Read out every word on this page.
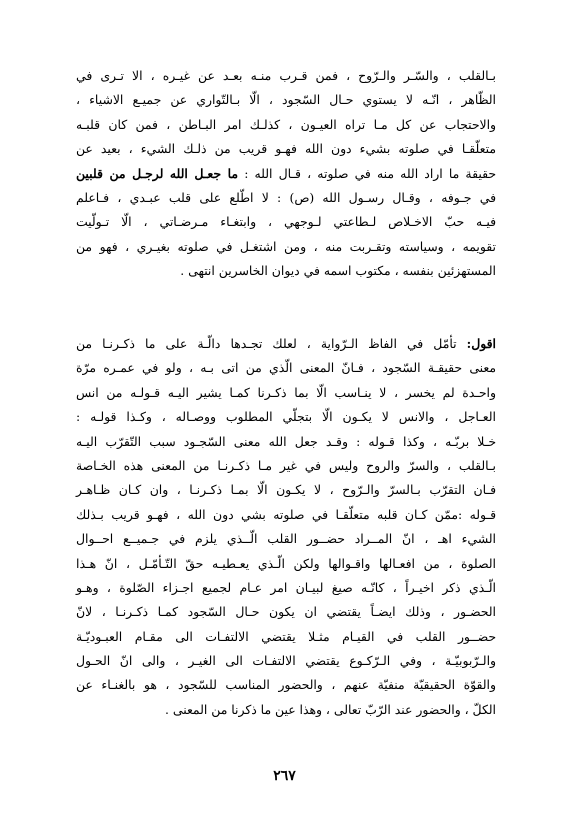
بـالقلب ، والسّـر والـرّوح ، فمن قـرب منـه بعـد عن غيـره ، الا تـرى في
الظّاهر ، انّـه لا يستوي حـال السّجود ، الّا بـالتّواري عن جميـع الاشياء ،
والاحتجاب عن كل مـا تراه العيـون ، كذلـك امر البـاطن ، فمن كان قلبـه
متعلّقـا في صلوته بشيء دون الله فهـو قريب من ذلـك الشيء ، بعيد عن
حقيقة ما اراد الله منه في صلوته ، قـال الله : ما جعـل الله لرجـل من قلبين
في جـوفه ، وقـال رسـول الله (ص) : لا اطّلع على قلب عبـدي ، فـاعلم
فيـه حبّ الاخـلاص لـطاعتي لـوجهي ، وابتغـاء مـرضـاتي ، الّا تـولّيت
تقويمه ، وسياسته وتقـربت منه ، ومن اشتغـل في صلوته بغيـري ، فهو من
المستهزئين بنفسه ، مكتوب اسمه في ديوان الخاسرين انتهى .
اقول: تأمّل في الفاظ الـرّواية ، لعلك تجـدها دالّـة على ما ذكـرنـا من
معنى حقيقـة السّجود ، فـانّ المعنى الّذي من اتى بـه ، ولو في عمـره مرّة
واحـدة لم يخسر ، لا ينـاسب الّا بما ذكـرنا كمـا يشير اليـه قـولـه من انس
العـاجل ، والانس لا يكـون الّا بتجلّي المطلوب ووصـاله ، وكـذا قولـه :
خـلا بربّـه ، وكذا قـوله : وقـد جعل الله معنى السّجـود سبب التّقرّب اليـه
بـالقلب ، والسرّ والروح وليس في غير مـا ذكـرنـا من المعنى هذه الخـاصة
فـان التقرّب بـالسرّ والـرّوح ، لا يكـون الّا بمـا ذكـرنـا ، وان كـان ظـاهـر
قـوله :ممّن كـان قلبه متعلّقـا في صلوته بشي دون الله ، فهـو قريب بـذلك
الشيء اهـ ، انّ المــراد حضــور القلب الّــذي يلزم في جـميــع احــوال
الصلوة ، من افعـالها واقـوالها ولكن الّـذي يعـطيـه حقّ التّـأمّـل ، انّ هـذا
الّـذي ذكر اخيـراً ، كانّـه صيغ لبيـان امر عـام لجميع اجـزاء الصّلوة ، وهـو
الحضـور ، وذلك ايضـاً يقتضي ان يكون حـال السّجود كمـا ذكـرنـا ، لانّ
حضــور القلب في القيـام مثـلا يقتضي الالتفـات الى مقـام العبـوديّـة
والـرّبوبيّـة ، وفي الـرّكـوع يقتضي الالتفـات الى الغيـر ، والى انّ الحـول
والقوّة الحقيقيّة منفيّة عنهم ، والحضور المناسب للسّجود ، هو بالغنـاء عن
الكلّ ، والحضور عند الرّبّ تعالى ، وهذا عين ما ذكرنا من المعنى .
٢٦٧
